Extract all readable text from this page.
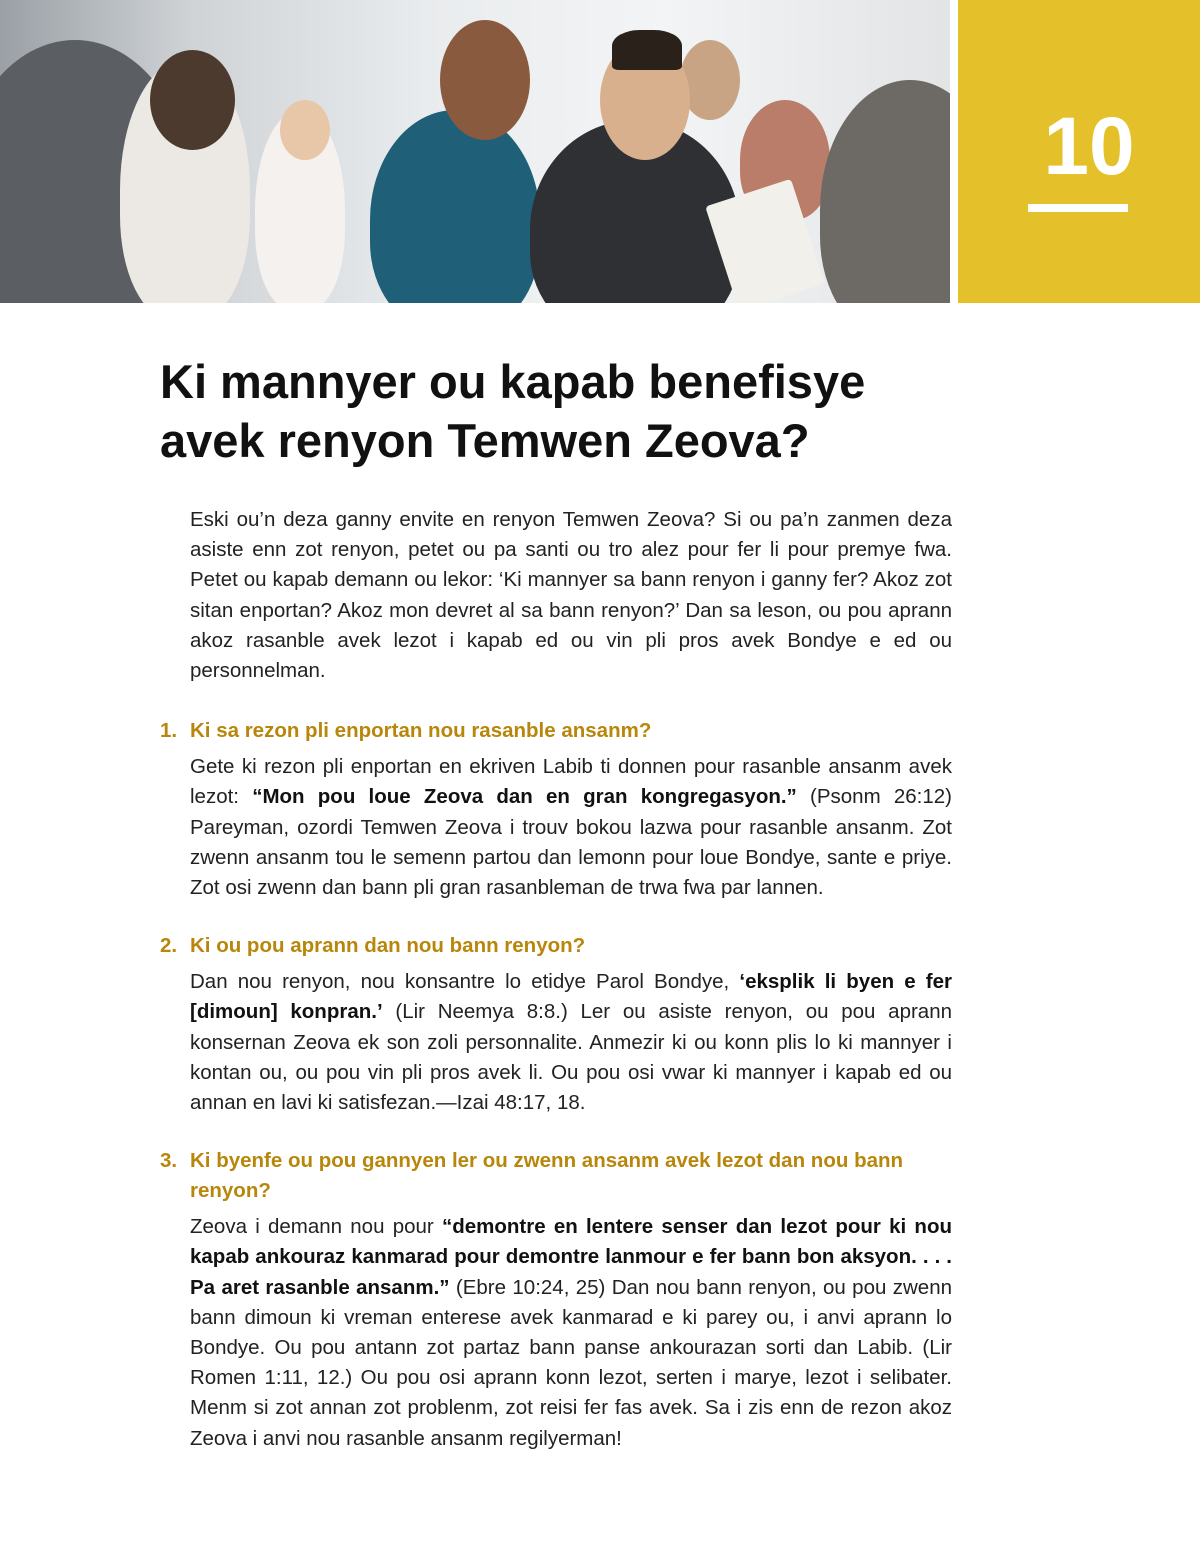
10
Ki mannyer ou kapab benefisye avek renyon Temwen Zeova?

Eski ou’n deza ganny envite en renyon Temwen Zeova? Si ou pa’n zanmen deza asiste enn zot renyon, petet ou pa santi ou tro alez pour fer li pour premye fwa. Petet ou kapab demann ou lekor: ‘Ki mannyer sa bann renyon i ganny fer? Akoz zot sitan enportan? Akoz mon devret al sa bann renyon?’ Dan sa leson, ou pou aprann akoz rasanble avek lezot i kapab ed ou vin pli pros avek Bondye e ed ou personnelman.

1. Ki sa rezon pli enportan nou rasanble ansanm?

Gete ki rezon pli enportan en ekriven Labib ti donnen pour rasanble ansanm avek lezot: “Mon pou loue Zeova dan en gran kongregasyon.” (Psonm 26:12) Pareyman, ozordi Temwen Zeova i trouv bokou lazwa pour rasanble ansanm. Zot zwenn ansanm tou le semenn partou dan lemonn pour loue Bondye, sante e priye. Zot osi zwenn dan bann pli gran rasanbleman de trwa fwa par lannen.

2. Ki ou pou aprann dan nou bann renyon?

Dan nou renyon, nou konsantre lo etidye Parol Bondye, ‘eksplik li byen e fer [dimoun] konpran.’ (Lir Neemya 8:8.) Ler ou asiste renyon, ou pou aprann konsernan Zeova ek son zoli personnalite. Anmezir ki ou konn plis lo ki mannyer i kontan ou, ou pou vin pli pros avek li. Ou pou osi vwar ki mannyer i kapab ed ou annan en lavi ki satisfezan.—Izai 48:17, 18.

3. Ki byenfe ou pou gannyen ler ou zwenn ansanm avek lezot dan nou bann renyon?

Zeova i demann nou pour “demontre en lentere senser dan lezot pour ki nou kapab ankouraz kanmarad pour demontre lanmour e fer bann bon aksyon. . . . Pa aret rasanble ansanm.” (Ebre 10:24, 25) Dan nou bann renyon, ou pou zwenn bann dimoun ki vreman enterese avek kanmarad e ki parey ou, i anvi aprann lo Bondye. Ou pou antann zot partaz bann panse ankourazan sorti dan Labib. (Lir Romen 1:11, 12.) Ou pou osi aprann konn lezot, serten i marye, lezot i selibater. Menm si zot annan zot problenm, zot reisi fer fas avek. Sa i zis enn de rezon akoz Zeova i anvi nou rasanble ansanm regilyerman!
